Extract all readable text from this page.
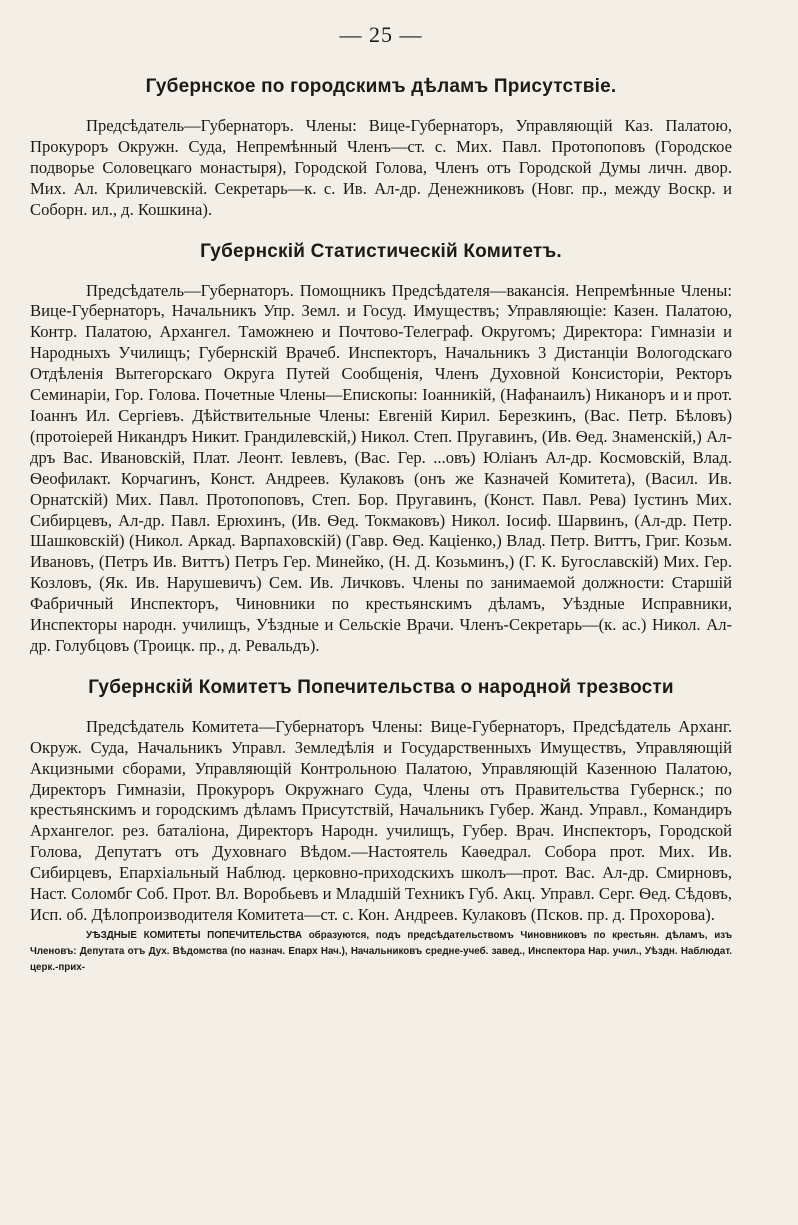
— 25 —
Губернское по городскимъ дѣламъ Присутствіе.

Предсѣдатель—Губернаторъ. Члены: Вице-Губернаторъ, Управляющій Каз. Палатою, Прокуроръ Окружн. Суда, Непремѣнный Членъ—ст. с. Мих. Павл. Протопоповъ (Городское подворье Соловецкаго монастыря), Городской Голова, Членъ отъ Городской Думы личн. двор. Мих. Ал. Криличевскій. Секретарь—к. с. Ив. Ал-др. Денежниковъ (Новг. пр., между Воскр. и Соборн. ил., д. Кошкина).

Губернскій Статистическій Комитетъ.

Предсѣдатель—Губернаторъ. Помощникъ Предсѣдателя—вакансія. Непремѣнные Члены: Вице-Губернаторъ, Начальникъ Упр. Земл. и Госуд. Имуществъ; Управляющіе: Казен. Палатою, Контр. Палатою, Архангел. Таможнею и Почтово-Телеграф. Округомъ; Директора: Гимназіи и Народныхъ Училищъ; Губернскій Врачеб. Инспекторъ, Начальникъ 3 Дистанціи Вологодскаго Отдѣленія Вытегорскаго Округа Путей Сообщенія, Членъ Духовной Консисторіи, Ректоръ Семинаріи, Гор. Голова. Почетные Члены—Епископы: Іоанникій, (Нафанаилъ) Никаноръ и и прот. Іоаннъ Ил. Сергіевъ. Дѣйствительные Члены: Евгеній Кирил. Березкинъ, (Вас. Петр. Бѣловъ) (протоіерей Никандръ Никит. Грандилевскій,) Никол. Степ. Пругавинъ, (Ив. Ѳед. Знаменскій,) Ал-дръ Вас. Ивановскій, Плат. Леонт. Іевлевъ, (Вас. Гер. ...овъ) Юліанъ Ал-др. Космовскій, Влад. Ѳеофилакт. Корчагинъ, Конст. Андреев. Кулаковъ (онъ же Казначей Комитета), (Васил. Ив. Орнатскій) Мих. Павл. Протопоповъ, Степ. Бор. Пругавинъ, (Конст. Павл. Рева) Іустинъ Мих. Сибирцевъ, Ал-др. Павл. Ерюхинъ, (Ив. Ѳед. Токмаковъ) Никол. Іосиф. Шарвинъ, (Ал-др. Петр. Шашковскій) (Никол. Аркад. Варпаховскій) (Гавр. Ѳед. Каціенко,) Влад. Петр. Виттъ, Григ. Козьм. Ивановъ, (Петръ Ив. Виттъ) Петръ Гер. Минейко, (Н. Д. Козьминъ,) (Г. К. Бугославскій) Мих. Гер. Козловъ, (Як. Ив. Нарушевичъ) Сем. Ив. Личковъ. Члены по занимаемой должности: Старшій Фабричный Инспекторъ, Чиновники по крестьянскимъ дѣламъ, Уѣздные Исправники, Инспекторы народн. училищъ, Уѣздные и Сельскіе Врачи. Членъ-Секретарь—(к. ас.) Никол. Ал-др. Голубцовъ (Троицк. пр., д. Ревальдъ).

Губернскій Комитетъ Попечительства о народной трезвости

Предсѣдатель Комитета—Губернаторъ Члены: Вице-Губернаторъ, Предсѣдатель Арханг. Окруж. Суда, Начальникъ Управл. Земледѣлія и Государственныхъ Имуществъ, Управляющій Акцизными сборами, Управляющій Контрольною Палатою, Управляющій Казенною Палатою, Директоръ Гимназіи, Прокуроръ Окружнаго Суда, Члены отъ Правительства Губернск.; по крестьянскимъ и городскимъ дѣламъ Присутствій, Начальникъ Губер. Жанд. Управл., Командиръ Архангелог. рез. баталіона, Директоръ Народн. училищъ, Губер. Врач. Инспекторъ, Городской Голова, Депутатъ отъ Духовнаго Вѣдом.—Настоятель Каѳедрал. Собора прот. Мих. Ив. Сибирцевъ, Епархіальный Наблюд. церковно-приходскихъ школъ—прот. Вас. Ал-др. Смирновъ, Наст. Соломбг Соб. Прот. Вл. Воробьевъ и Младшій Техникъ Губ. Акц. Управл. Серг. Ѳед. Сѣдовъ, Исп. об. Дѣлопроизводителя Комитета—ст. с. Кон. Андреев. Кулаковъ (Псков. пр. д. Прохорова).

УѢЗДНЫЕ КОМИТЕТЫ ПОПЕЧИТЕЛЬСТВА образуются, подъ предсѣдательствомъ Чиновниковъ по крестьян. дѣламъ, изъ Членовъ: Депутата отъ Дух. Вѣдомства (по назнач. Епарх Нач.), Начальниковъ средне-учеб. завед., Инспектора Нар. учил., Уѣздн. Наблюдат. церк.-прих-
